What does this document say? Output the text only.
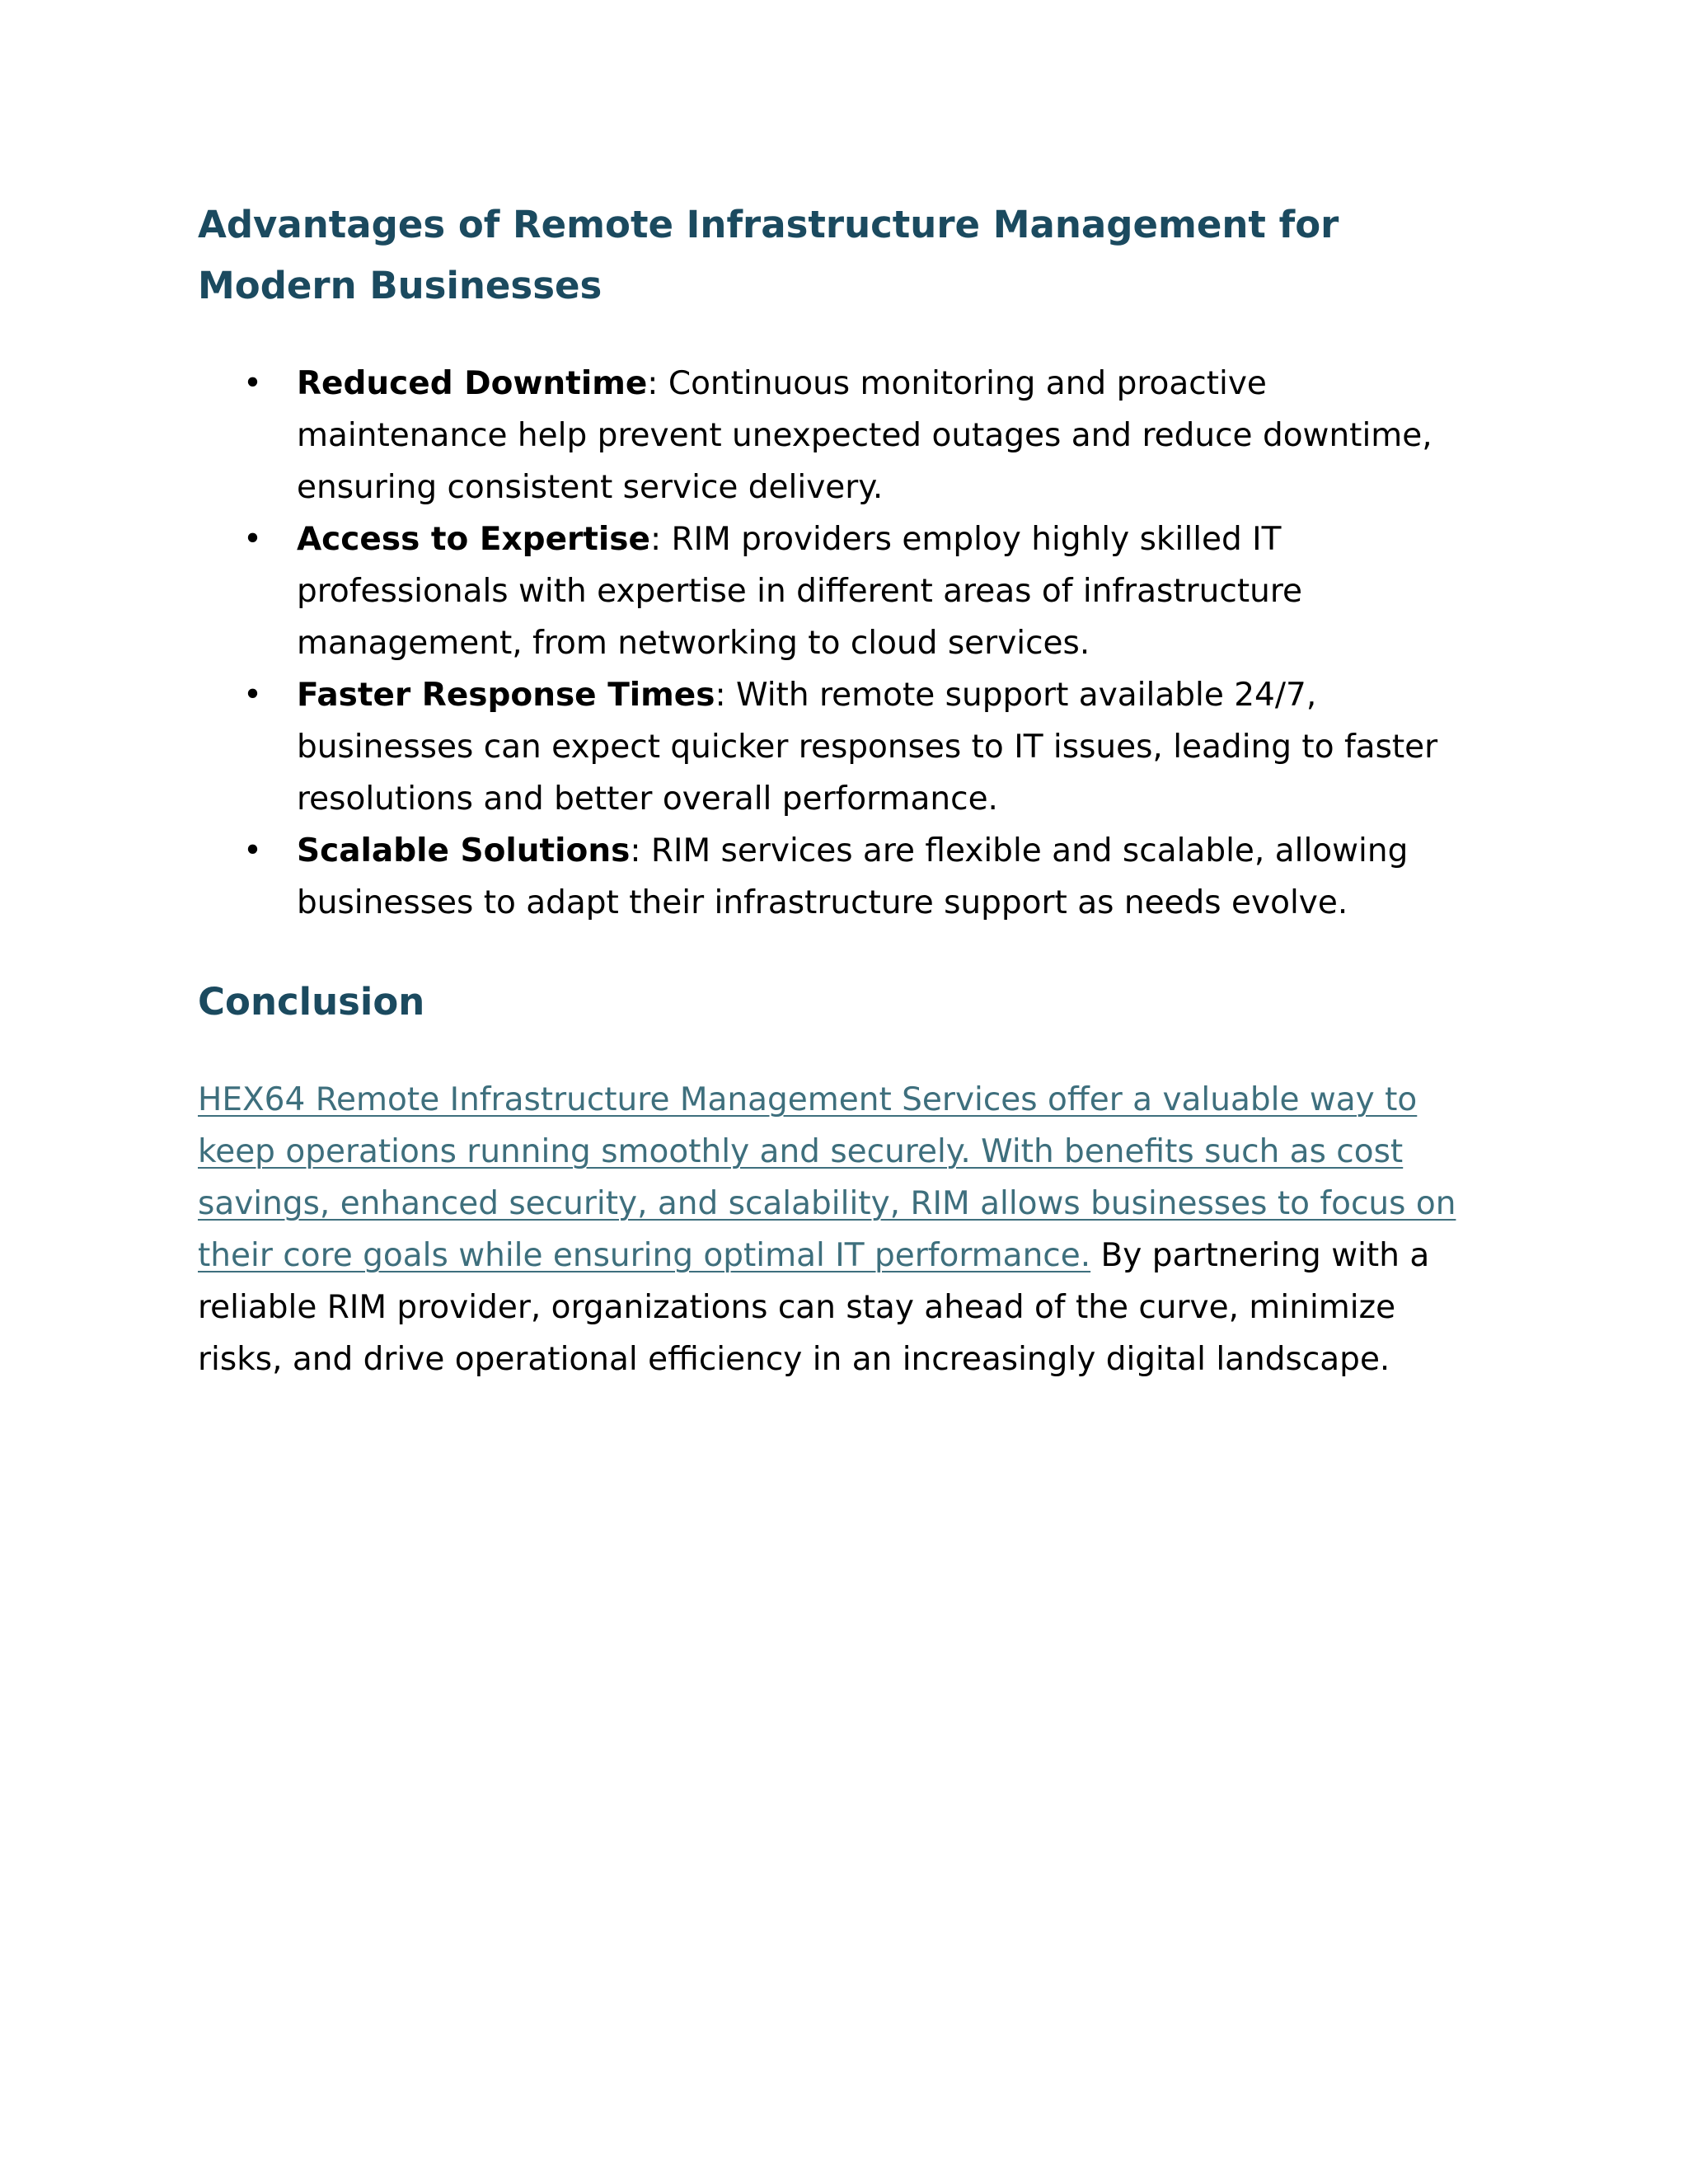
Advantages of Remote Infrastructure Management for Modern Businesses
• Reduced Downtime: Continuous monitoring and proactive maintenance help prevent unexpected outages and reduce downtime, ensuring consistent service delivery.
• Access to Expertise: RIM providers employ highly skilled IT professionals with expertise in different areas of infrastructure management, from networking to cloud services.
• Faster Response Times: With remote support available 24/7, businesses can expect quicker responses to IT issues, leading to faster resolutions and better overall performance.
• Scalable Solutions: RIM services are flexible and scalable, allowing businesses to adapt their infrastructure support as needs evolve.
Conclusion

HEX64 Remote Infrastructure Management Services offer a valuable way to keep operations running smoothly and securely. With benefits such as cost savings, enhanced security, and scalability, RIM allows businesses to focus on their core goals while ensuring optimal IT performance. By partnering with a reliable RIM provider, organizations can stay ahead of the curve, minimize risks, and drive operational efficiency in an increasingly digital landscape.
